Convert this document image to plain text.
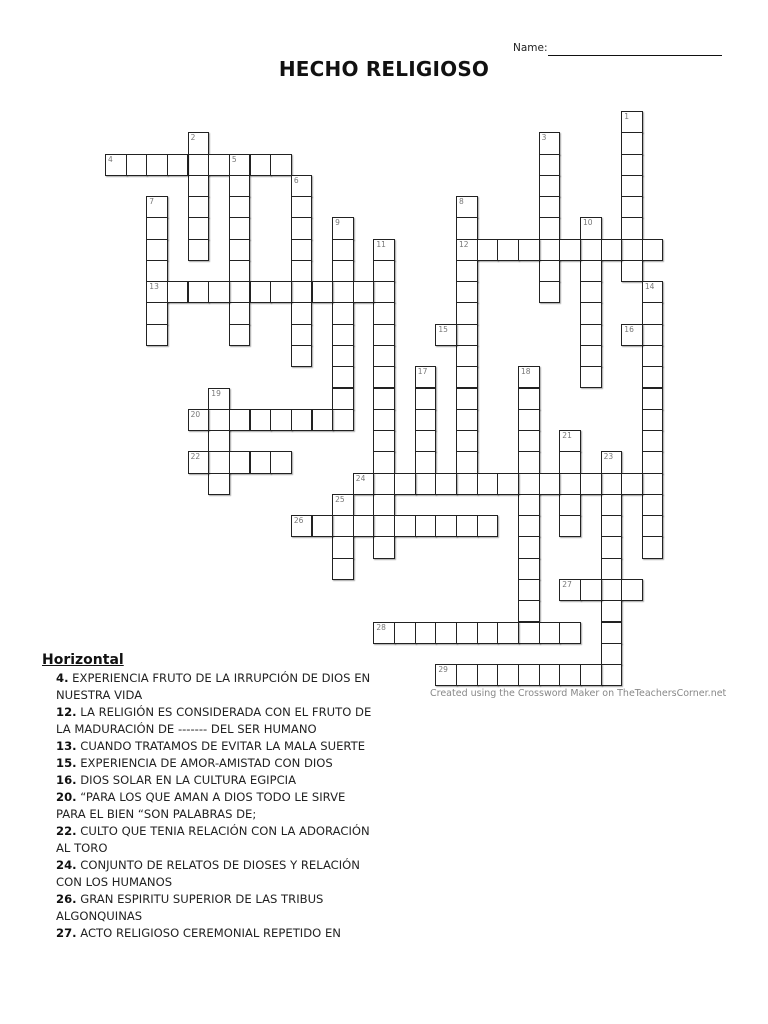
Name:
HECHO RELIGIOSO
1
2	3
4	5
6
7
13
8
12
9	10
11
14
15	16
17	18
19
20
21
22	23
24
25
26
27
28
29
Created using the Crossword Maker on TheTeachersCorner.net
Horizontal
4. EXPERIENCIA FRUTO DE LA IRRUPCIÓN DE DIOS EN NUESTRA VIDA
12. LA RELIGIÓN ES CONSIDERADA CON EL FRUTO DE LA MADURACIÓN DE ------- DEL SER HUMANO
13. CUANDO TRATAMOS DE EVITAR LA MALA SUERTE
15. EXPERIENCIA DE AMOR-AMISTAD CON DIOS
16. DIOS SOLAR EN LA CULTURA EGIPCIA
20. “PARA LOS QUE AMAN A DIOS TODO LE SIRVE PARA EL BIEN “SON PALABRAS DE;
22. CULTO QUE TENIA RELACIÓN CON LA ADORACIÓN AL TORO
24. CONJUNTO DE RELATOS DE DIOSES Y RELACIÓN CON LOS HUMANOS
26. GRAN ESPIRITU SUPERIOR DE LAS TRIBUS ALGONQUINAS
27. ACTO RELIGIOSO CEREMONIAL REPETIDO EN
